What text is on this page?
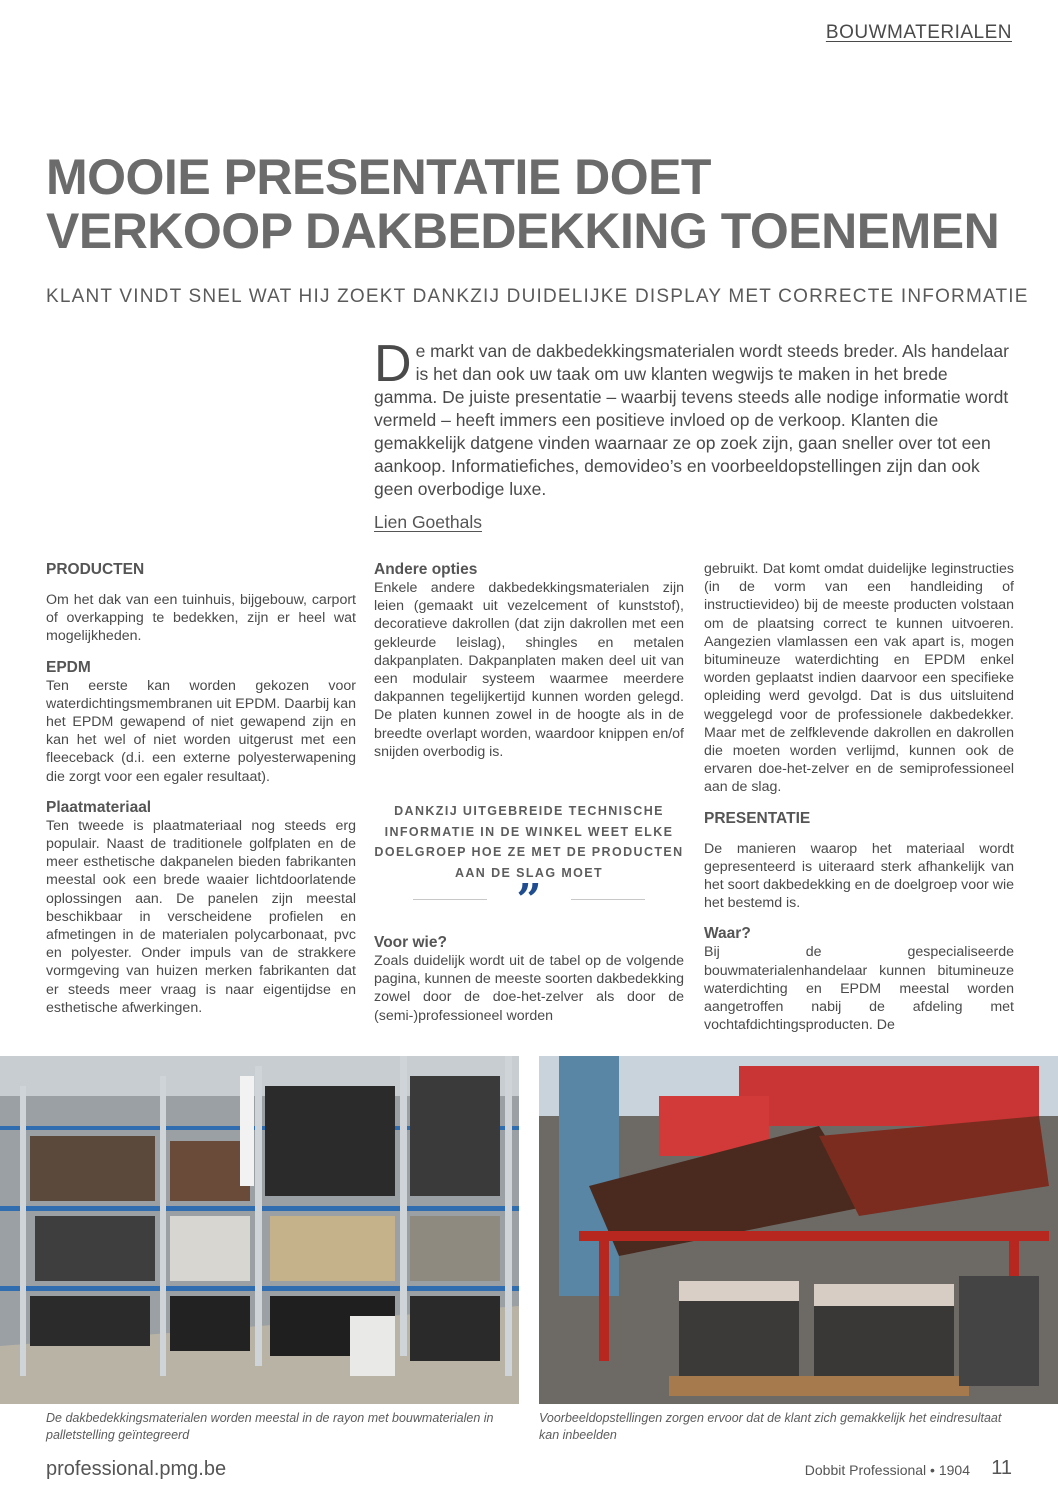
BOUWMATERIALEN
MOOIE PRESENTATIE DOET
VERKOOP DAKBEDEKKING TOENEMEN
KLANT VINDT SNEL WAT HIJ ZOEKT DANKZIJ DUIDELIJKE DISPLAY MET CORRECTE INFORMATIE
De markt van de dakbedekkingsmaterialen wordt steeds breder. Als handelaar is het dan ook uw taak om uw klanten wegwijs te maken in het brede gamma. De juiste presentatie – waarbij tevens steeds alle nodige informatie wordt vermeld – heeft immers een positieve invloed op de verkoop. Klanten die gemakkelijk datgene vinden waarnaar ze op zoek zijn, gaan sneller over tot een aankoop. Informatiefiches, demovideo’s en voorbeeldopstellingen zijn dan ook geen overbodige luxe.
Lien Goethals
PRODUCTEN

Om het dak van een tuinhuis, bijgebouw, carport of overkapping te bedekken, zijn er heel wat mogelijkheden.

EPDM

Ten eerste kan worden gekozen voor waterdichtingsmembranen uit EPDM. Daarbij kan het EPDM gewapend of niet gewapend zijn en kan het wel of niet worden uitgerust met een fleeceback (d.i. een externe polyesterwapening die zorgt voor een egaler resultaat).

Plaatmateriaal

Ten tweede is plaatmateriaal nog steeds erg populair. Naast de traditionele golfplaten en de meer esthetische dakpanelen bieden fabrikanten meestal ook een brede waaier lichtdoorlatende oplossingen aan. De panelen zijn meestal beschikbaar in verscheidene profielen en afmetingen in de materialen polycarbonaat, pvc en polyester. Onder impuls van de strakkere vormgeving van huizen merken fabrikanten dat er steeds meer vraag is naar eigentijdse en esthetische afwerkingen.

Andere opties

Enkele andere dakbedekkingsmaterialen zijn leien (gemaakt uit vezelcement of kunststof), decoratieve dakrollen (dat zijn dakrollen met een gekleurde leislag), shingles en metalen dakpanplaten. Dakpanplaten maken deel uit van een modulair systeem waarmee meerdere dakpannen tegelijkertijd kunnen worden gelegd. De platen kunnen zowel in de hoogte als in de breedte overlapt worden, waardoor knippen en/of snijden overbodig is.

DANKZIJ UITGEBREIDE TECHNISCHE INFORMATIE IN DE WINKEL WEET ELKE DOELGROEP HOE ZE MET DE PRODUCTEN AAN DE SLAG MOET
”
Voor wie?

Zoals duidelijk wordt uit de tabel op de volgende pagina, kunnen de meeste soorten dakbedekking zowel door de doe-het-zelver als door de (semi-)professioneel worden

gebruikt. Dat komt omdat duidelijke leginstructies (in de vorm van een handleiding of instructievideo) bij de meeste producten volstaan om de plaatsing correct te kunnen uitvoeren. Aangezien vlamlassen een vak apart is, mogen bitumineuze waterdichting en EPDM enkel worden geplaatst indien daarvoor een specifieke opleiding werd gevolgd. Dat is dus uitsluitend weggelegd voor de professionele dakbedekker. Maar met de zelfklevende dakrollen en dakrollen die moeten worden verlijmd, kunnen ook de ervaren doe-het-zelver en de semiprofessioneel aan de slag.

PRESENTATIE

De manieren waarop het materiaal wordt gepresenteerd is uiteraard sterk afhankelijk van het soort dakbedekking en de doelgroep voor wie het bestemd is.

Waar?

Bij de gespecialiseerde bouwmaterialenhandelaar kunnen bitumineuze waterdichting en EPDM meestal worden aangetroffen nabij de afdeling met vochtafdichtingsproducten. De

De dakbedekkingsmaterialen worden meestal in de rayon met bouwmaterialen in palletstelling geïntegreerd
Voorbeeldopstellingen zorgen ervoor dat de klant zich gemakkelijk het eindresultaat kan inbeelden
professional.pmg.be	Dobbit Professional • 1904 11
